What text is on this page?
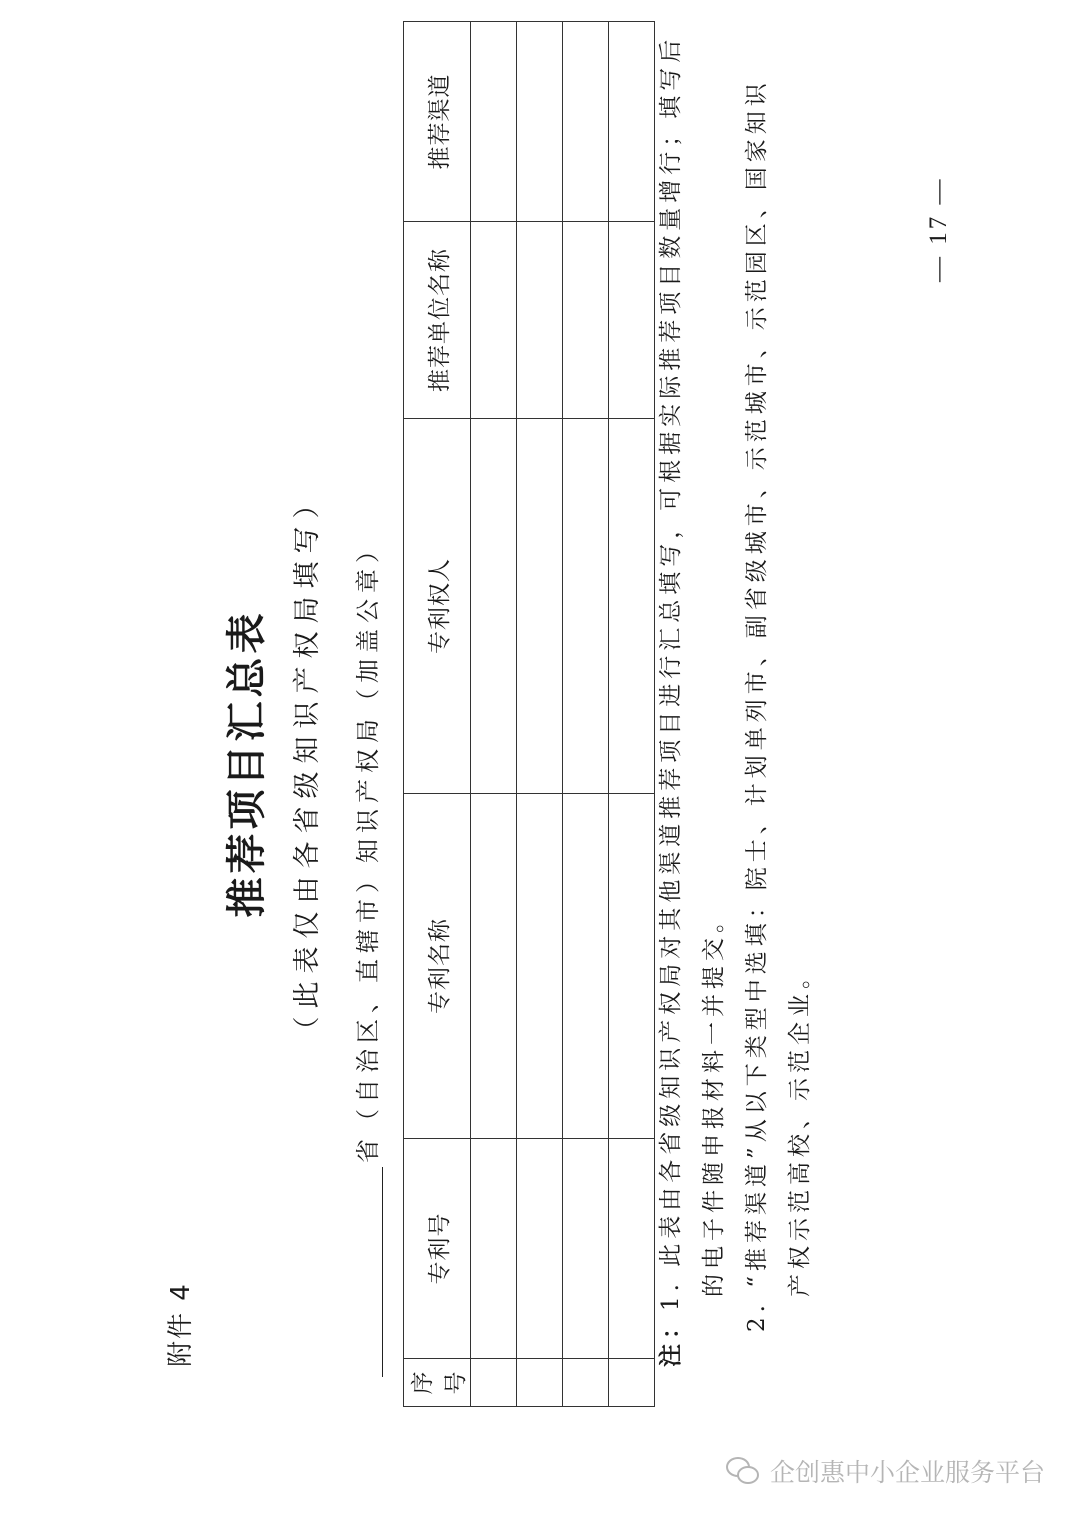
附件 4
推荐项目汇总表 （此表仅由各省级知识产权局填写） 省（自治区、直辖市）知识产权局（加盖公章）
序号	专利号	专利名称	专利权人	推荐单位名称	推荐渠道

注：1. 此表由各省级知识产权局对其他渠道推荐项目进行汇总填写，可根据实际推荐项目数量增行；填写后 的电子件随申报材料一并提交。
2. “推荐渠道”从以下类型中选填：院士、计划单列市、副省级城市、示范城市、示范园区、国家知识 产权示范高校、示范企业。
— 17 —
企创惠中小企业服务平台
